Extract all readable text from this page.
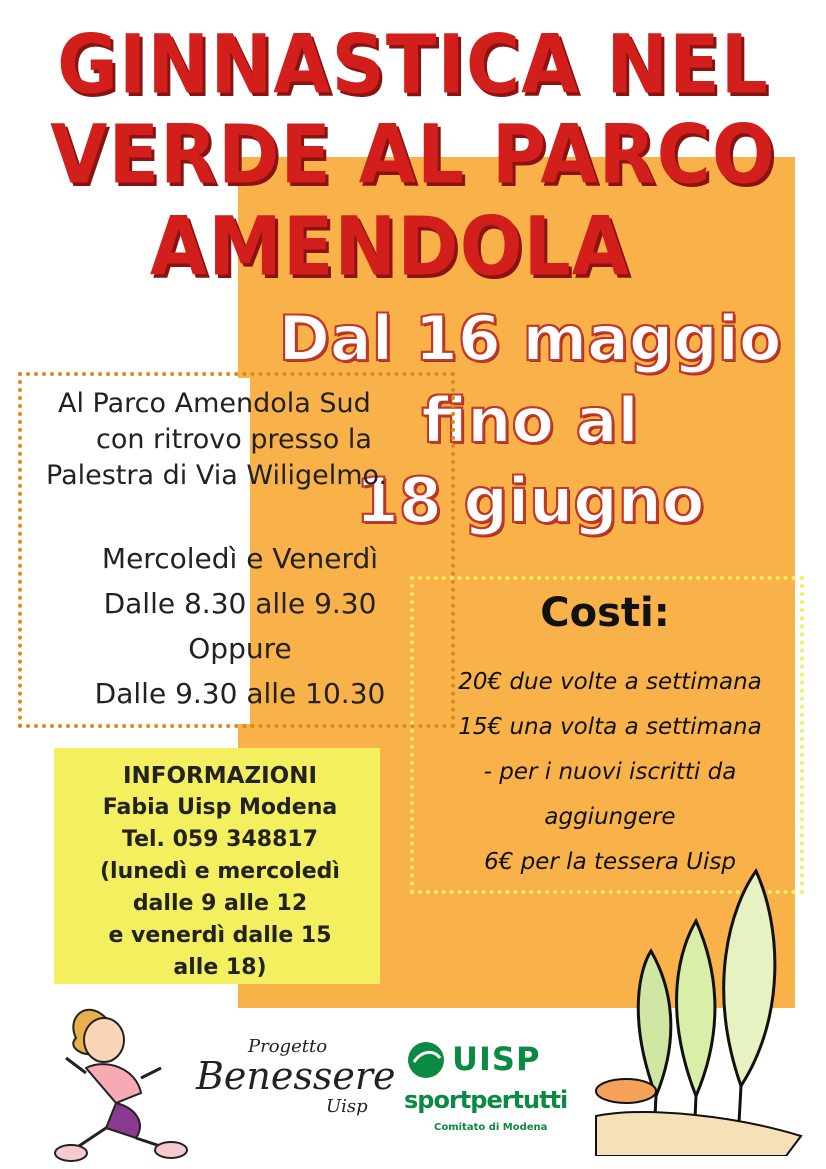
GINNASTICA NEL
VERDE AL PARCO
AMENDOLA
Dal 16 maggio
fino al
18 giugno
Al Parco Amendola Sud
con ritrovo presso la
Palestra di Via Wiligelmo.
Mercoledì e Venerdì
Dalle 8.30 alle 9.30
Oppure
Dalle 9.30 alle 10.30
INFORMAZIONI
Fabia Uisp Modena
Tel. 059 348817
(lunedì e mercoledì
dalle 9 alle 12
e venerdì dalle 15
alle 18)
Costi:
20€ due volte a settimana
15€ una volta a settimana
- per i nuovi iscritti da
aggiungere
6€ per la tessera Uisp
Progetto
Benessere
Uisp
UISP
sportpertutti
Comitato di Modena
